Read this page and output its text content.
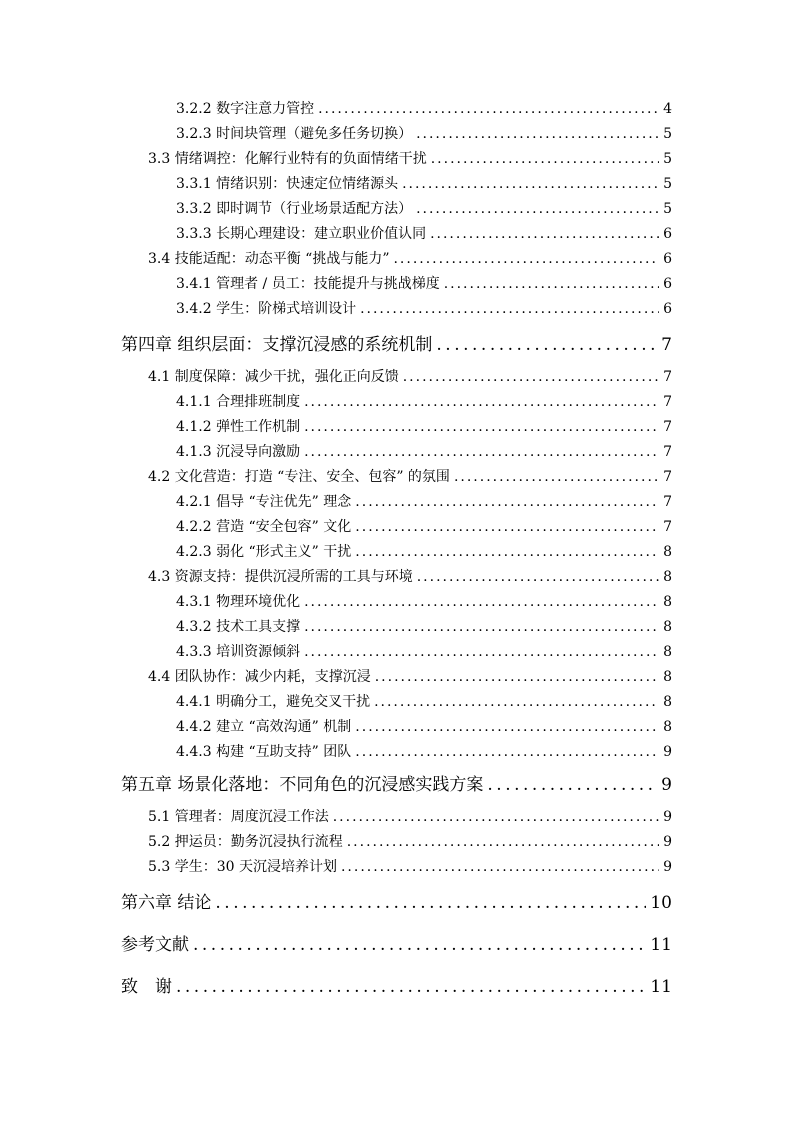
3.2.2 数字注意力管控 .....	4
3.2.3 时间块管理（避免多任务切换） .....	5
3.3 情绪调控：化解行业特有的负面情绪干扰 .....	5
3.3.1 情绪识别：快速定位情绪源头 .....	5
3.3.2 即时调节（行业场景适配方法） .....	5
3.3.3 长期心理建设：建立职业价值认同 .....	6
3.4 技能适配：动态平衡 “挑战与能力” .....	6
3.4.1 管理者 / 员工：技能提升与挑战梯度 .....	6
3.4.2 学生：阶梯式培训设计 .....	6
第四章 组织层面：支撑沉浸感的系统机制 .....	7
4.1 制度保障：减少干扰，强化正向反馈 .....	7
4.1.1 合理排班制度 .....	7
4.1.2 弹性工作机制 .....	7
4.1.3 沉浸导向激励 .....	7
4.2 文化营造：打造 “专注、安全、包容” 的氛围 .....	7
4.2.1 倡导 “专注优先” 理念 .....	7
4.2.2 营造 “安全包容” 文化 .....	7
4.2.3 弱化 “形式主义” 干扰 .....	8
4.3 资源支持：提供沉浸所需的工具与环境 .....	8
4.3.1 物理环境优化 .....	8
4.3.2 技术工具支撑 .....	8
4.3.3 培训资源倾斜 .....	8
4.4 团队协作：减少内耗，支撑沉浸 .....	8
4.4.1 明确分工，避免交叉干扰 .....	8
4.4.2 建立 “高效沟通” 机制 .....	8
4.4.3 构建 “互助支持” 团队 .....	9
第五章 场景化落地：不同角色的沉浸感实践方案 .....	9
5.1 管理者：周度沉浸工作法 .....	9
5.2 押运员：勤务沉浸执行流程 .....	9
5.3 学生：30 天沉浸培养计划 .....	9
第六章 结论 .....	10
参考文献 .....	11
致　谢 .....	11
